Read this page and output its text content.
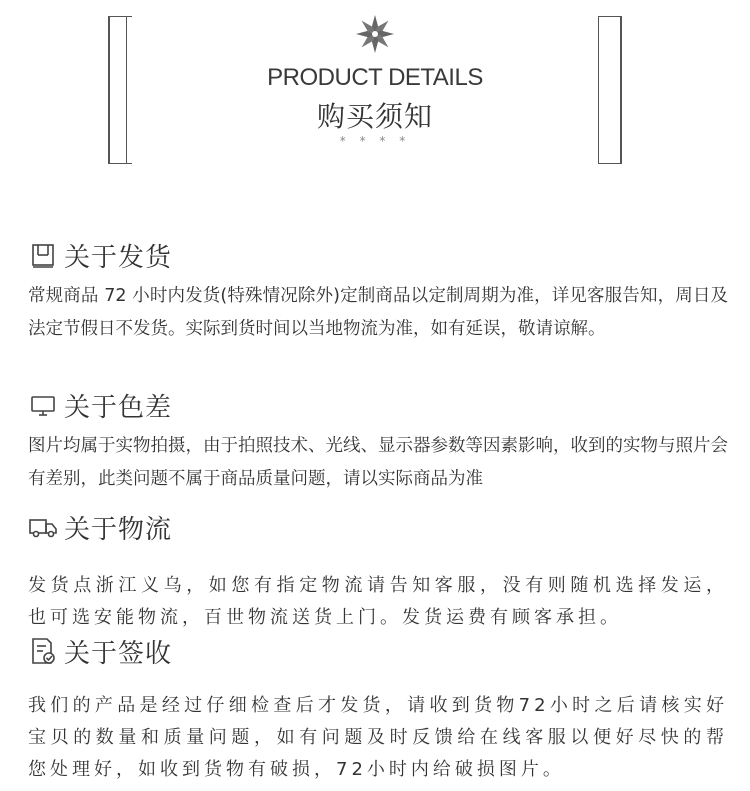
PRODUCT DETAILS
购买须知
* * * *
关于发货
常规商品 72 小时内发货(特殊情况除外)定制商品以定制周期为准，详见客服告知，周日及法定节假日不发货。实际到货时间以当地物流为准，如有延误，敬请谅解。
关于色差
图片均属于实物拍摄，由于拍照技术、光线、显示器参数等因素影响，收到的实物与照片会有差别，此类问题不属于商品质量问题，请以实际商品为准
关于物流
发货点浙江义乌，如您有指定物流请告知客服，没有则随机选择发运，也可选安能物流，百世物流送货上门。发货运费有顾客承担。
关于签收
我们的产品是经过仔细检查后才发货，请收到货物72小时之后请核实好宝贝的数量和质量问题，如有问题及时反馈给在线客服以便好尽快的帮您处理好，如收到货物有破损，72小时内给破损图片。
